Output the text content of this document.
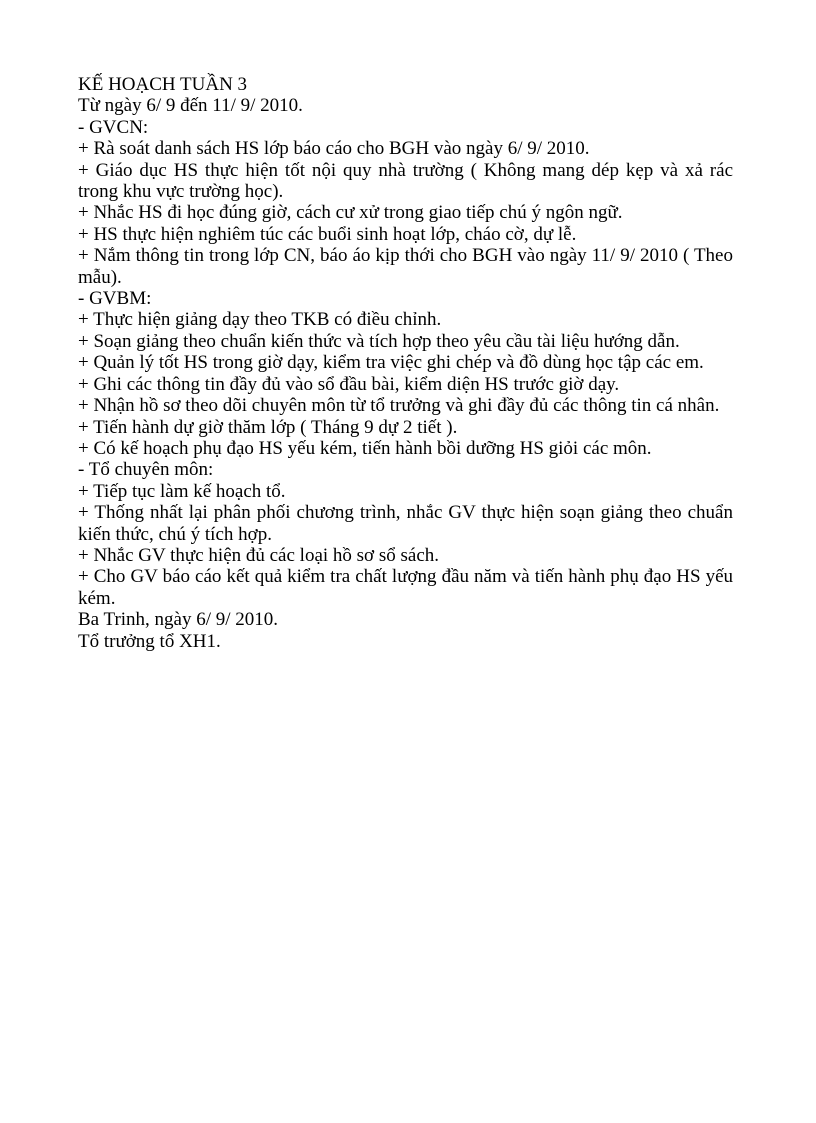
KẾ HOẠCH TUẦN 3

Từ ngày 6/ 9 đến 11/ 9/ 2010.

- GVCN:

+ Rà soát danh sách HS lớp báo cáo cho BGH vào ngày 6/ 9/ 2010.

+ Giáo dục HS thực hiện tốt nội quy nhà trường ( Không mang dép kẹp và xả rác trong khu vực trường học).

+ Nhắc HS đi học đúng giờ, cách cư xử trong giao tiếp chú ý ngôn ngữ.

+ HS thực hiện nghiêm túc các buổi sinh hoạt lớp, cháo cờ, dự lễ.

+ Nắm thông tin trong lớp CN, báo áo kịp thới cho BGH vào ngày 11/ 9/ 2010 ( Theo mẫu).

- GVBM:

+ Thực hiện giảng dạy theo TKB có điều chỉnh.

+ Soạn giảng theo chuẩn kiến thức và tích hợp theo yêu cầu tài liệu hướng dẫn.

+ Quản lý tốt HS trong giờ dạy, kiểm tra việc ghi chép và đồ dùng học tập các em.

+ Ghi các thông tin đầy đủ vào sổ đầu bài, kiểm diện HS trước giờ dạy.

+ Nhận hồ sơ theo dõi chuyên môn từ tổ trưởng và ghi đầy đủ các thông tin cá nhân.

+ Tiến hành dự giờ thăm lớp ( Tháng 9 dự 2 tiết ).

+ Có kế hoạch phụ đạo HS yếu kém, tiến hành bồi dưỡng HS giỏi các môn.

- Tổ chuyên môn:

+ Tiếp tục làm kế hoạch tổ.

+ Thống nhất lại phân phối chương trình, nhắc GV thực hiện soạn giảng theo chuẩn kiến thức, chú ý tích hợp.

+ Nhắc GV thực hiện đủ các loại hồ sơ sổ sách.

+ Cho GV báo cáo kết quả kiểm tra chất lượng đầu năm và tiến hành phụ đạo HS yếu kém.

Ba Trinh, ngày 6/ 9/ 2010.

Tổ trưởng tổ XH1.
